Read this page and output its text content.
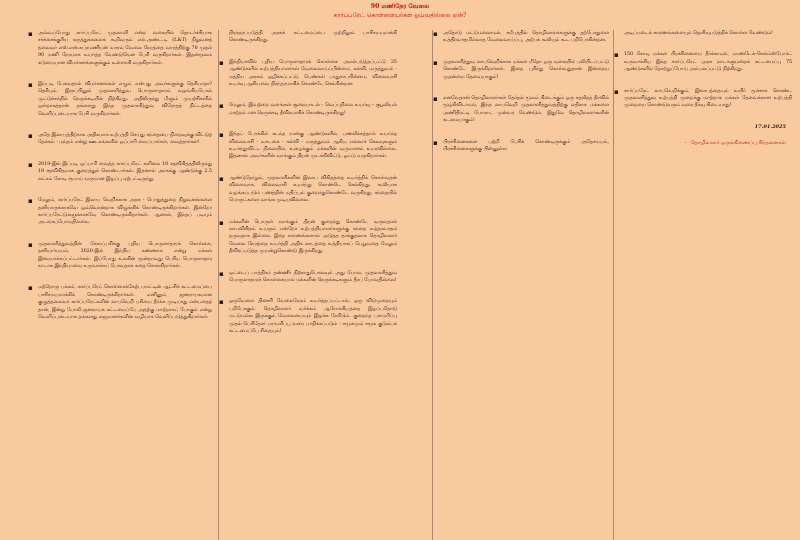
90 மணிநேர வேலை
கார்ப்பரேட் கொள்ளையர்கள் ஓய்வதில்லை ஏன்?
▪ அவ்வப்போது கார்ப்பரேட் முதலாளி என்ற வகையில் தொடர்ச்சியாக சர்ச்சைக்குரிய கருத்துக்களைக் கூறிவரும் எல்.அண்ட்.டி (L&T) நிறுவனத் தலைவர் எஸ்.என்.சுப்ரமணியன் வாரம் வேலை நேரத்தை வாரத்திற்கு 70 முதல் 90 மணி நேரமாக உயர்த்த வேண்டுமென பேசி வருகிறார்கள். இதன்மூலம் கடுமையான விமர்சனங்களுக்கும் உள்ளாகி வருகிறார்கள்.

▪ இப்படி பேசுவதால் விமர்சனங்கள் எழும் என்பது அவர்களுக்கு தெரியாதா? தெரியும். இருப்பினும் முதலாளித்துவ பொருளாதாரம் வழங்கியபோல் முட்டுச்சந்தில் நெருக்கடியில் நிற்கிறது. அதிலிருந்து மீளும் முயற்சிகளில் ஒன்றாகத்தான் தங்களது இந்த முதலாளித்துவ விரோதத் திட்டத்தை வெளிப்படையாக பேசி வருகிறார்கள்.

▪ அதே இலாபத்திற்காக அதிகமாக உற்பத்தி செய்து சந்தையை நிறைவுக்கு விட்டுத் தேக்கம் - மந்தம் என்று ஊடகங்களில் ஒப்பாரி வைப்பார்கள், வைத்தார்கள்!

▪ 2019-இல் இப்படி ஒப்பாரி வைத்த கார்ப்பரேட் களிலை 10 சதவிகிதத்திலிருந்து 18 சதவிகிதமாக குறைத்துக் கொண்டார்கள். இதனால் அரசுக்கு ஆண்டுக்கு 2.5 லட்சம் கோடி ரூபாய் வருமான இழப்பு ஏற்பட்டிருந்து.

▪ மேலும், கார்ப்பரேட் இலாப வெறிக்காக அரசு - பொதுத்துறை நிறுவனங்களை தனியாருக்காகவே ஒவ்வொன்றாக விழுங்கிக் கொண்டிருக்கிறார்கள். இன்றோ கார்ப்பரேட்டுகளுக்காகவே கொண்டிருக்கிறார்கள். ஆனால், இந்தப் படியும் அடங்கப்போவதில்லை.

▪ முதலாளித்துவத்தின் கோரப்பசிக்கு புதிய பொருளாதாரக் கொள்கை, தனியார்மயம், 2020-இல் இந்திய கண்ணாக என்று மக்கள் இரையாக்கப்பட்டார்கள். இப்போது உலகின் மூன்றாவது பெரிய பொருளாதார நாடாக இந்தியாவை உருவாக்கப் போவதாக கதை சொல்கிறார்கள்.

▪ மற்றொரு பக்கம், கார்ப்பரேட் கொள்கைக்கேற்ப நாட்டின் ஆட்சிக் கட்டமைப்பை பாசிசமயமாக்கிக் கொண்டிருக்கிறார்கள். எனினும், ஜனநாயகமான குழுத்தலைவர் கார்ப்பரேட்களின் லாபவெறி பசியை தீர்க்க முடியாது என்பதைத் தான், இன்று போலி ஜனநாயக கட்டமைப்பே அதற்கு மாற்றாகப் போகும் என்று வெளிப்படையாக தங்களது எஜமானர்களின் வழியாக வெளிப்படுத்துகிறார்கள்.

நிரந்தரப்படுத்தி அரசுக் கட்டமைப்பை முற்றிலும் பாசிசமயமாக்கி கொண்டிருக்கிறது.

▪ இந்தியாவில் புதிய பொருளாதாரக் கொள்கை அமல்படுத்தப்பட்டு 35 ஆண்டுகளில் உற்பத்தியாளர்கள் வேலைவாய்ப்பின்மை, கல்வி, மருத்துவம் - மத்திய அரசும் ஒழிக்கப்பட்டு, பெண்கள் பாதுகாப்பின்மை, விலைவாசி உயர்வு ஆகியவை நிரந்தரமாகிக் கொண்டே செல்கின்றன.

▪ மேலும், இவற்றை வளங்கள் சூறையாடல் - வெப்பநிலை உயர்வு - சூழலியல் மாற்றம் என நெருக்கடி தீவிரமாகிக் கொண்டிருக்கிறது!

▪ இந்தப் போக்கில் கடந்த நான்கு ஆண்டுகளில், பணவீக்கத்தால் உயர்ந்த விலைவாசி - வாடகை - கல்வி - மருத்துவம் ஆகிய எல்லாச் செலவுகளும் உயர்ந்துவிட்ட நிலையில், உழைக்கும் மக்களின் வருமானம் உயரவில்லை. இதனால் அவர்களின் வாங்கும் திறன் முடக்கிவிட்டு, ஓட்டு வருகிறார்கள்.

▪ ஆண்டுதோறும், முதலாளிகளின் இலாப விகிதத்தை உயர்த்திக் கொள்வதன் விளைவாக, விலைவாசி உயர்ந்து கொண்டே செல்கிறது. கூலியாக வழங்கப்படும் பணத்தின் மதிப்பும் குறைந்துகொண்டே வருகிறது. சந்தையில் பொருட்களை வாங்க முடியவில்லை.

▪ மக்களின் பொருள் வாங்கும் திறன் குறைந்து கொண்டே வருவதால் லாபவிகிதம் உயரும் என்றோ உற்பத்தியாளர்களுக்கு சந்தை உத்தரவாதம் தருவதாக இல்லை. இந்த காரணங்களால் அடுத்த தாக்குதலாக தொழிலாளர் வேலை நேரத்தை உயர்த்தி அதிக லாபத்தை உத்தியாகப் பெறுவதை மேலும் தீவிரப்படுத்த முயன்றுகொண்டு இருக்கிறது.

▪ ஒட்டைப் பாத்திரம் தண்ணீர் நிற்காதுபோலவும் அது போல, முதலாளித்துவ பொருளாதாரக் கொள்கையால் மக்களின் நெருக்கடிகளும் தீரப் போவதில்லை!

▪ ஒருவேளை தினசரி வேலைநேரம் உயர்த்தப்பட்டால், ஒரு விடுமுறையும் பறிபோகும். தொழிலாளர் வர்க்கம் ஆரோக்கியத்தை இழப்பதோடு மட்டுமல்ல இருக்கும் வேலையையும் இழக்க நேரிடும். குறைந்த பராமரிப்பு முதல் பெரிதோர் பராமரிப்பு வரை பாதிக்கப்படும் - சுமுகமும் சமூக குடும்பக் கட்டமைப்பே சிதையும்!

▪ அதோடு மட்டுமல்லாமல், சமீபத்தில் தொழிலாளர்களுக்கு தற்போதுள்ள உத்திரவாதமில்லாத வேலைவாய்ப்பு, அற்பக் கூலியும் கூட பறிபோகின்றன.

▪ முதலாளித்துவ லாபவெறிக்காக மக்கள் மீதோ ஒரு வகையில் பலியிடப்பட்டு கொண்டே இருக்கிறார்கள். இதை புரிந்து கொள்வதுதான் இன்றைய முதன்மை தேவையாகும்!

▪ எனவேதான் தொழிலாளர்கள் தேர்தல் மூலம் கிடைக்கும் ஒரு சதவீதத் தீர்வில் மூழ்கிவிடாமல், இந்த லாபவெறி முதலாளித்துவத்திற்கு எதிராக மக்களை அணிதிரட்டி போராட முன்வர வேண்டும். இதுவே தொழிலாளர்களின் கடமையாகும்!

▪ பிரச்சினைகளை பற்றி பேசிக் கொண்டிருக்கும் அதேசமயம், பிரச்சினைகளுக்கு பின்னுள்ள

அடிப்படைக் காரணங்களையும் தெளிவுபடுத்திக் கொள்ள வேண்டும்!

▪ 150 கோடி மக்கள் பிரச்சினையை தீர்க்காமல், மாண்டேக்-செல்ம்ஸ்போர்ட் உருவாக்கிய இந்த கார்ப்பரேட் அரசு நாடாளுமன்றக் கட்டமைப்பு 75 ஆண்டுகளில் தோற்றுப்போய் அம்பலப்பட்டு நிற்கிறது.

▪ கார்ப்பரேட் லாபவெறிக்கும், இலாபத்தையும் உயிர் மூச்சாக கொண்ட முதலாளித்துவ உற்பத்தி முறைக்கு மாற்றாக மக்கள் தேவைக்கான உற்பத்தி முறையை கொண்டுவரும் வரை தீர்வு கிடையாது!

17.01.2025
- தொழிலாளர் ஒருங்கிணைப்பு சிந்தனைகள்
